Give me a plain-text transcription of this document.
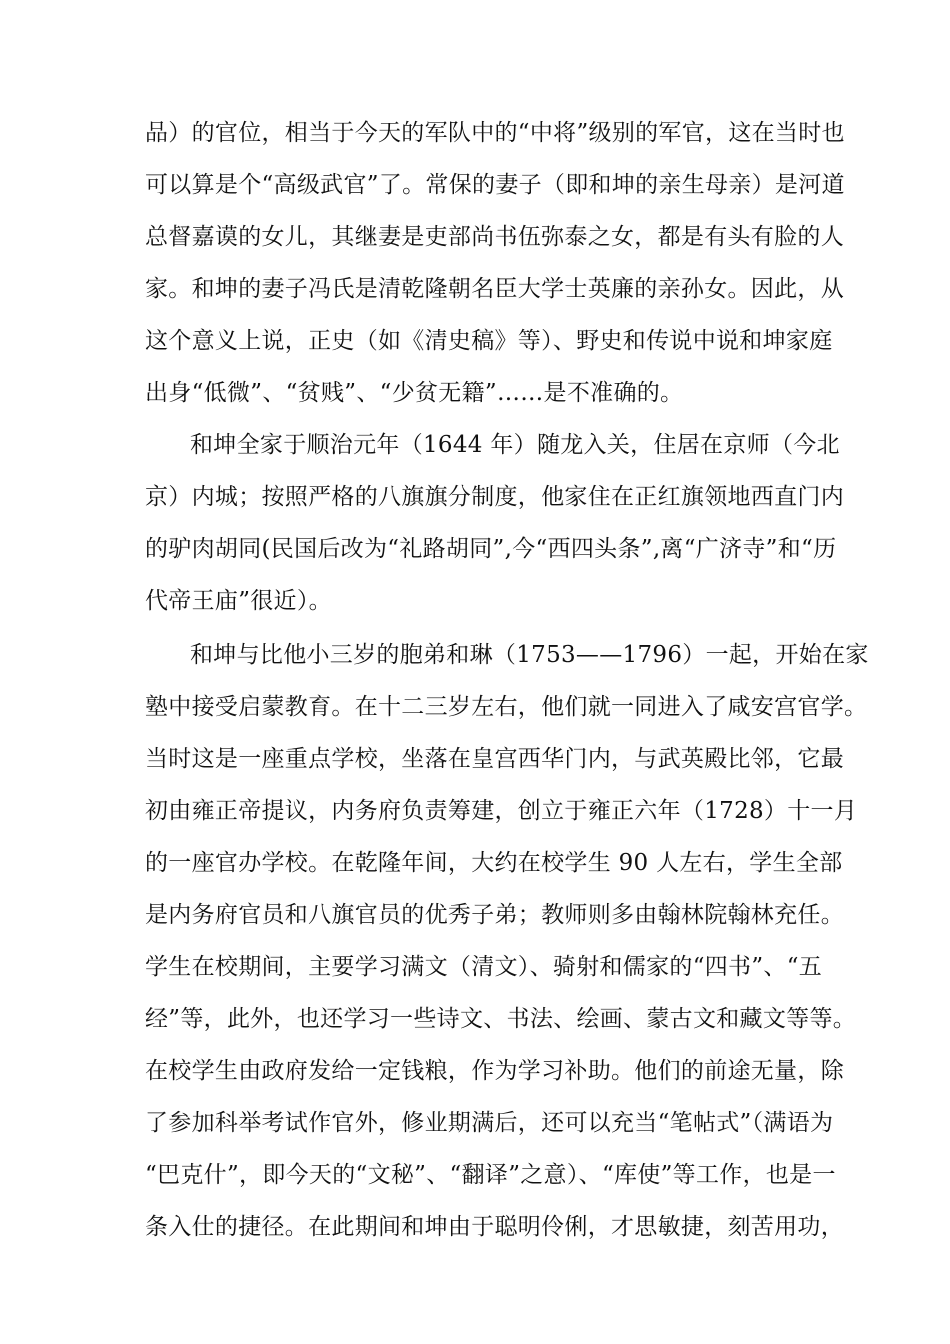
品）的官位，相当于今天的军队中的“中将”级别的军官，这在当时也
可以算是个“高级武官”了。常保的妻子（即和坤的亲生母亲）是河道
总督嘉谟的女儿，其继妻是吏部尚书伍弥泰之女，都是有头有脸的人
家。和坤的妻子冯氏是清乾隆朝名臣大学士英廉的亲孙女。因此，从
这个意义上说，正史（如《清史稿》等）、野史和传说中说和坤家庭
出身“低微”、“贫贱”、“少贫无籍”……是不准确的。
和坤全家于顺治元年（1644 年）随龙入关，住居在京师（今北
京）内城；按照严格的八旗旗分制度，他家住在正红旗领地西直门内
的驴肉胡同(民国后改为“礼路胡同”,今“西四头条”,离“广济寺”和“历
代帝王庙”很近）。
和坤与比他小三岁的胞弟和琳（1753——1796）一起，开始在家
塾中接受启蒙教育。在十二三岁左右，他们就一同进入了咸安宫官学。
当时这是一座重点学校，坐落在皇宫西华门内，与武英殿比邻，它最
初由雍正帝提议，内务府负责筹建，创立于雍正六年（1728）十一月
的一座官办学校。在乾隆年间，大约在校学生 90 人左右，学生全部
是内务府官员和八旗官员的优秀子弟；教师则多由翰林院翰林充任。
学生在校期间，主要学习满文（清文）、骑射和儒家的“四书”、“五
经”等，此外，也还学习一些诗文、书法、绘画、蒙古文和藏文等等。
在校学生由政府发给一定钱粮，作为学习补助。他们的前途无量，除
了参加科举考试作官外，修业期满后，还可以充当“笔帖式”（满语为
“巴克什”，即今天的“文秘”、“翻译”之意）、“库使”等工作，也是一
条入仕的捷径。在此期间和坤由于聪明伶俐，才思敏捷，刻苦用功，
